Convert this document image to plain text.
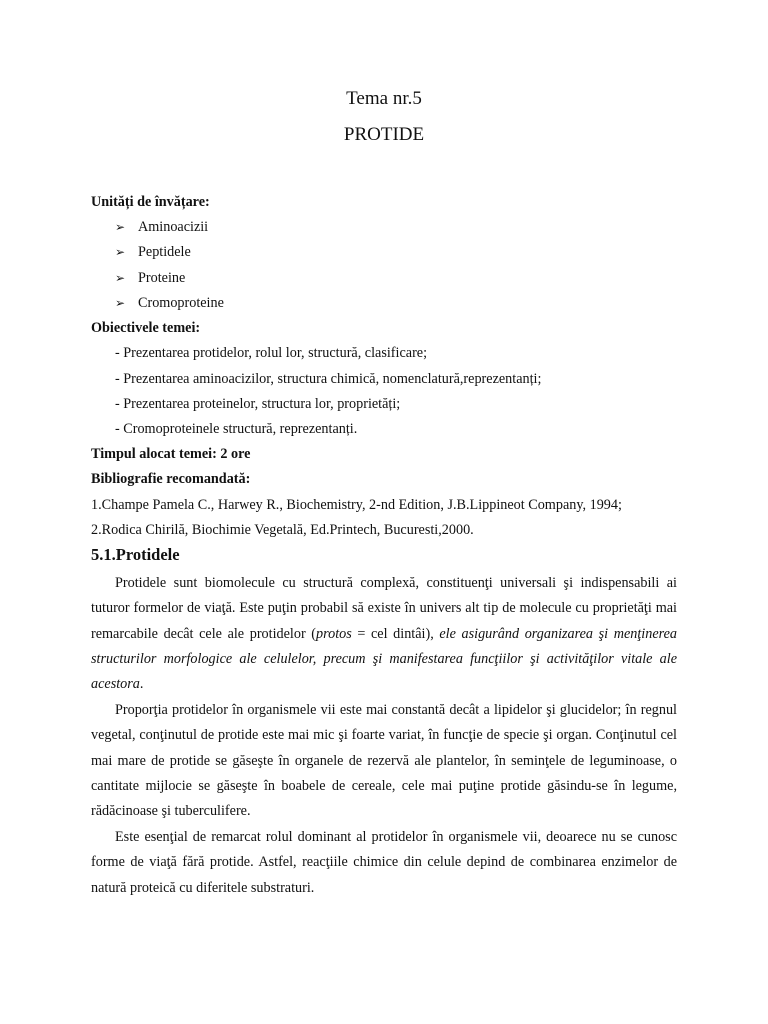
Tema nr.5
PROTIDE
Unități de învățare:
➢ Aminoacizii
➢ Peptidele
➢ Proteine
➢ Cromoproteine
Obiectivele temei:
- Prezentarea protidelor, rolul lor, structură, clasificare;
- Prezentarea aminoacizilor, structura chimică, nomenclatură,reprezentanți;
- Prezentarea proteinelor, structura lor, proprietăți;
- Cromoproteinele structură, reprezentanți.
Timpul alocat temei: 2 ore
Bibliografie recomandată:
1.Champe Pamela C., Harwey R., Biochemistry, 2-nd Edition, J.B.Lippineot Company, 1994;
2.Rodica Chirilă, Biochimie Vegetală, Ed.Printech, Bucuresti,2000.
5.1.Protidele

Protidele sunt biomolecule cu structură complexă, constituenţi universali şi indispensabili ai tuturor formelor de viaţă. Este puţin probabil să existe în univers alt tip de molecule cu proprietăţi mai remarcabile decât cele ale protidelor (protos = cel dintâi), ele asigurând organizarea şi menţinerea structurilor morfologice ale celulelor, precum şi manifestarea funcţiilor şi activităţilor vitale ale acestora.

Proporţia protidelor în organismele vii este mai constantă decât a lipidelor şi glucidelor; în regnul vegetal, conţinutul de protide este mai mic şi foarte variat, în funcţie de specie şi organ. Conţinutul cel mai mare de protide se găseşte în organele de rezervă ale plantelor, în seminţele de leguminoase, o cantitate mijlocie se găseşte în boabele de cereale, cele mai puţine protide găsindu-se în legume, rădăcinoase şi tuberculifere.

Este esenţial de remarcat rolul dominant al protidelor în organismele vii, deoarece nu se cunosc forme de viaţă fără protide. Astfel, reacţiile chimice din celule depind de combinarea enzimelor de natură proteică cu diferitele substraturi.
